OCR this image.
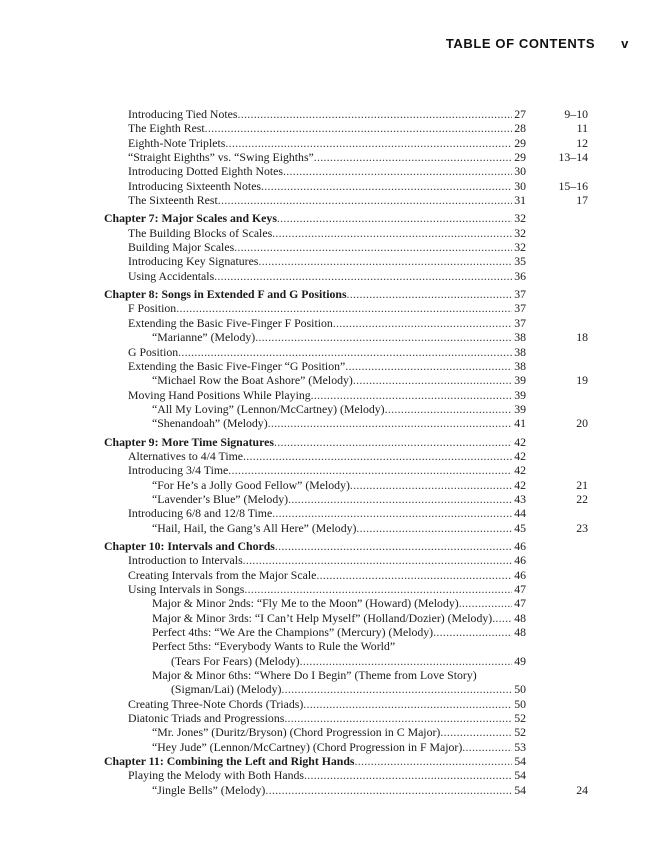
TABLE OF CONTENTS v
Introducing Tied Notes .....	27	9–10
The Eighth Rest .....	28	11
Eighth-Note Triplets .....	29	12
“Straight Eighths” vs. “Swing Eighths” .....	29	13–14
Introducing Dotted Eighth Notes .....	30
Introducing Sixteenth Notes .....	30	15–16
The Sixteenth Rest .....	31	17
Chapter 7: Major Scales and Keys .....	32
The Building Blocks of Scales .....	32
Building Major Scales .....	32
Introducing Key Signatures .....	35
Using Accidentals .....	36
Chapter 8: Songs in Extended F and G Positions .....	37
F Position .....	37
Extending the Basic Five-Finger F Position .....	37
“Marianne” (Melody) .....	38	18
G Position .....	38
Extending the Basic Five-Finger “G Position” .....	38
“Michael Row the Boat Ashore” (Melody) .....	39	19
Moving Hand Positions While Playing .....	39
“All My Loving” (Lennon/McCartney) (Melody) .....	39
“Shenandoah” (Melody) .....	41	20
Chapter 9: More Time Signatures .....	42
Alternatives to 4/4 Time .....	42
Introducing 3/4 Time .....	42
“For He’s a Jolly Good Fellow” (Melody) .....	42	21
“Lavender’s Blue” (Melody) .....	43	22
Introducing 6/8 and 12/8 Time .....	44
“Hail, Hail, the Gang’s All Here” (Melody) .....	45	23
Chapter 10: Intervals and Chords .....	46
Introduction to Intervals .....	46
Creating Intervals from the Major Scale .....	46
Using Intervals in Songs .....	47
Major & Minor 2nds: “Fly Me to the Moon” (Howard) (Melody) .....	47
Major & Minor 3rds: “I Can’t Help Myself” (Holland/Dozier) (Melody) ..... 48
Perfect 4ths: “We Are the Champions” (Mercury) (Melody) .....	48
Perfect 5ths: “Everybody Wants to Rule the World”
(Tears For Fears) (Melody) .....	49
Major & Minor 6ths: “Where Do I Begin” (Theme from Love Story)
(Sigman/Lai) (Melody) .....	50
Creating Three-Note Chords (Triads) .....	50
Diatonic Triads and Progressions .....	52
“Mr. Jones” (Duritz/Bryson) (Chord Progression in C Major) .....	52
“Hey Jude” (Lennon/McCartney) (Chord Progression in F Major) .....	53
Chapter 11: Combining the Left and Right Hands .....	54
Playing the Melody with Both Hands .....	54
“Jingle Bells” (Melody) .....	54	24
